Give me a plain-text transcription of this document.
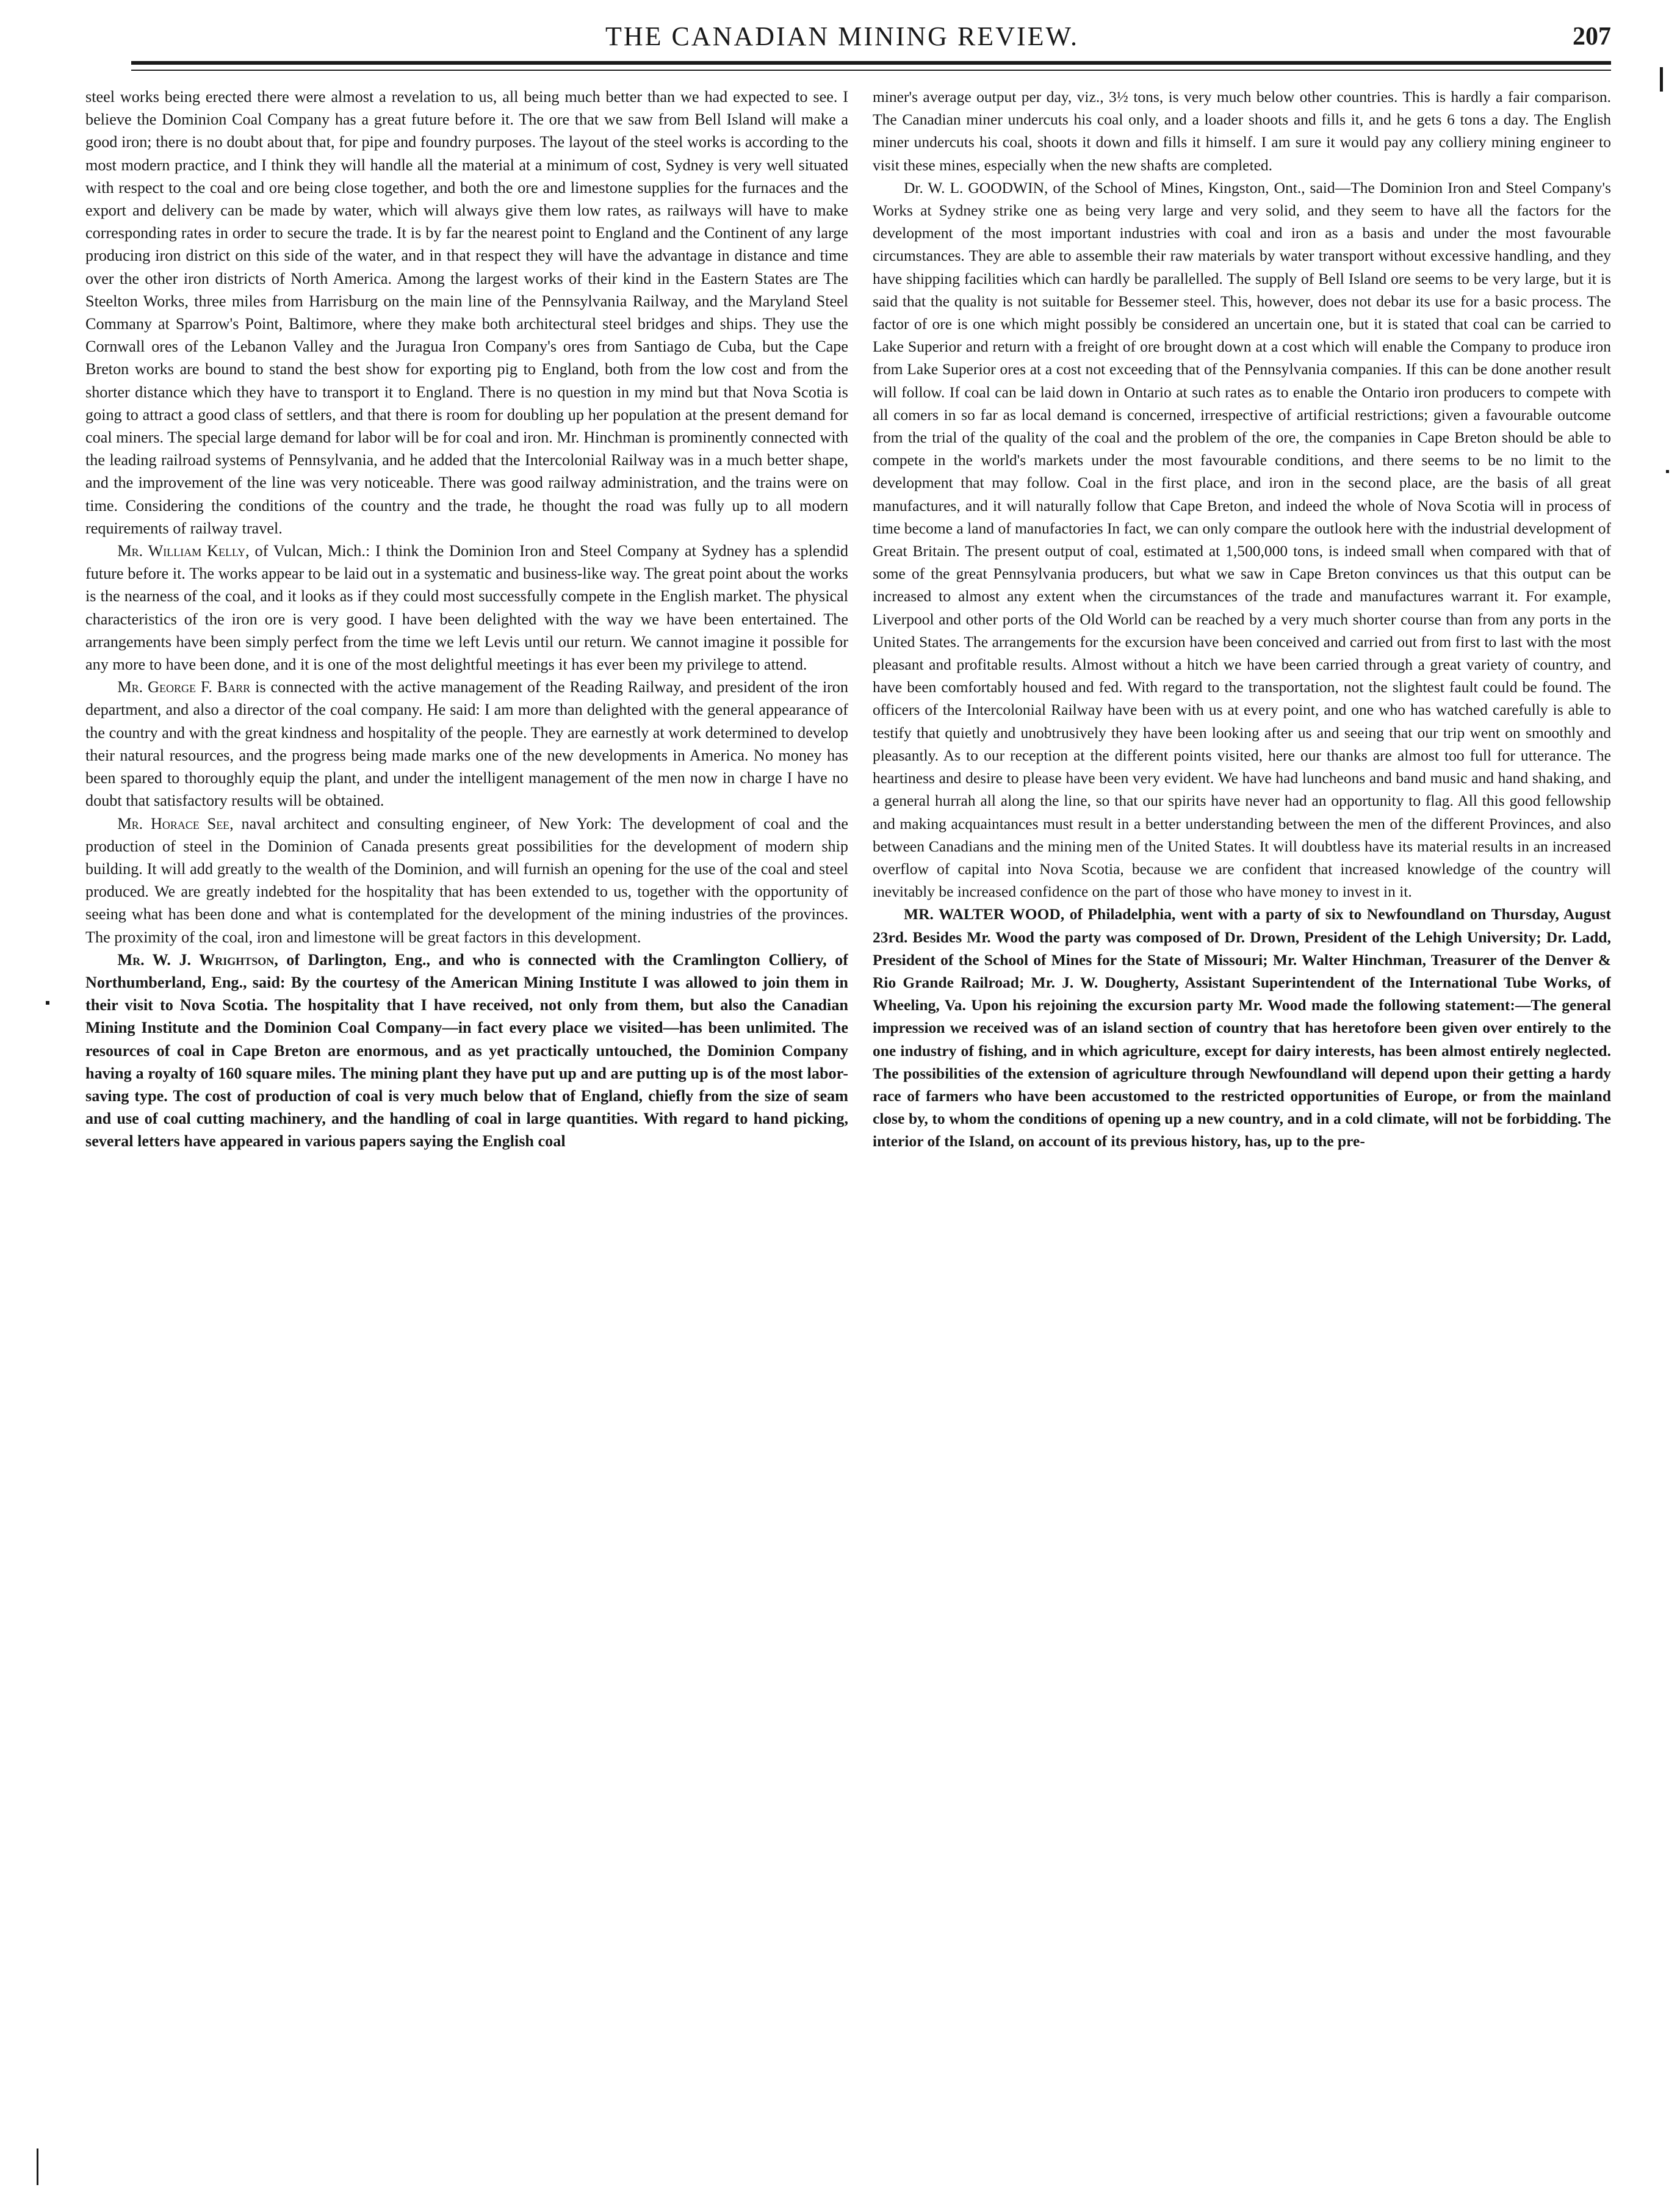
THE CANADIAN MINING REVIEW.	207

steel works being erected there were almost a revelation to us, all being much better than we had expected to see. I believe the Dominion Coal Company has a great future before it. The ore that we saw from Bell Island will make a good iron; there is no doubt about that, for pipe and foundry purposes. The layout of the steel works is according to the most modern practice, and I think they will handle all the material at a minimum of cost, Sydney is very well situated with respect to the coal and ore being close together, and both the ore and limestone supplies for the furnaces and the export and delivery can be made by water, which will always give them low rates, as railways will have to make corresponding rates in order to secure the trade. It is by far the nearest point to England and the Continent of any large producing iron district on this side of the water, and in that respect they will have the advantage in distance and time over the other iron districts of North America. Among the largest works of their kind in the Eastern States are The Steelton Works, three miles from Harrisburg on the main line of the Pennsylvania Railway, and the Maryland Steel Commany at Sparrow's Point, Baltimore, where they make both architectural steel bridges and ships. They use the Cornwall ores of the Lebanon Valley and the Juragua Iron Company's ores from Santiago de Cuba, but the Cape Breton works are bound to stand the best show for exporting pig to England, both from the low cost and from the shorter distance which they have to transport it to England. There is no question in my mind but that Nova Scotia is going to attract a good class of settlers, and that there is room for doubling up her population at the present demand for coal miners. The special large demand for labor will be for coal and iron. Mr. Hinchman is prominently connected with the leading railroad systems of Pennsylvania, and he added that the Intercolonial Railway was in a much better shape, and the improvement of the line was very noticeable. There was good railway administration, and the trains were on time. Considering the conditions of the country and the trade, he thought the road was fully up to all modern requirements of railway travel.

Mr. William Kelly, of Vulcan, Mich.: I think the Dominion Iron and Steel Company at Sydney has a splendid future before it. The works appear to be laid out in a systematic and business-like way. The great point about the works is the nearness of the coal, and it looks as if they could most successfully compete in the English market. The physical characteristics of the iron ore is very good. I have been delighted with the way we have been entertained. The arrangements have been simply perfect from the time we left Levis until our return. We cannot imagine it possible for any more to have been done, and it is one of the most delightful meetings it has ever been my privilege to attend.

Mr. George F. Barr is connected with the active management of the Reading Railway, and president of the iron department, and also a director of the coal company. He said: I am more than delighted with the general appearance of the country and with the great kindness and hospitality of the people. They are earnestly at work determined to develop their natural resources, and the progress being made marks one of the new developments in America. No money has been spared to thoroughly equip the plant, and under the intelligent management of the men now in charge I have no doubt that satisfactory results will be obtained.

Mr. Horace See, naval architect and consulting engineer, of New York: The development of coal and the production of steel in the Dominion of Canada presents great possibilities for the development of modern ship building. It will add greatly to the wealth of the Dominion, and will furnish an opening for the use of the coal and steel produced. We are greatly indebted for the hospitality that has been extended to us, together with the opportunity of seeing what has been done and what is contemplated for the development of the mining industries of the provinces. The proximity of the coal, iron and limestone will be great factors in this development.

Mr. W. J. Wrightson, of Darlington, Eng., and who is connected with the Cramlington Colliery, of Northumberland, Eng., said: By the courtesy of the American Mining Institute I was allowed to join them in their visit to Nova Scotia. The hospitality that I have received, not only from them, but also the Canadian Mining Institute and the Dominion Coal Company—in fact every place we visited—has been unlimited. The resources of coal in Cape Breton are enormous, and as yet practically untouched, the Dominion Company having a royalty of 160 square miles. The mining plant they have put up and are putting up is of the most labor-saving type. The cost of production of coal is very much below that of England, chiefly from the size of seam and use of coal cutting machinery, and the handling of coal in large quantities. With regard to hand picking, several letters have appeared in various papers saying the English coal

miner's average output per day, viz., 3½ tons, is very much below other countries. This is hardly a fair comparison. The Canadian miner undercuts his coal only, and a loader shoots and fills it, and he gets 6 tons a day. The English miner undercuts his coal, shoots it down and fills it himself. I am sure it would pay any colliery mining engineer to visit these mines, especially when the new shafts are completed.

Dr. W. L. GOODWIN, of the School of Mines, Kingston, Ont., said—The Dominion Iron and Steel Company's Works at Sydney strike one as being very large and very solid, and they seem to have all the factors for the development of the most important industries with coal and iron as a basis and under the most favourable circumstances. They are able to assemble their raw materials by water transport without excessive handling, and they have shipping facilities which can hardly be parallelled. The supply of Bell Island ore seems to be very large, but it is said that the quality is not suitable for Bessemer steel. This, however, does not debar its use for a basic process. The factor of ore is one which might possibly be considered an uncertain one, but it is stated that coal can be carried to Lake Superior and return with a freight of ore brought down at a cost which will enable the Company to produce iron from Lake Superior ores at a cost not exceeding that of the Pennsylvania companies. If this can be done another result will follow. If coal can be laid down in Ontario at such rates as to enable the Ontario iron producers to compete with all comers in so far as local demand is concerned, irrespective of artificial restrictions; given a favourable outcome from the trial of the quality of the coal and the problem of the ore, the companies in Cape Breton should be able to compete in the world's markets under the most favourable conditions, and there seems to be no limit to the development that may follow. Coal in the first place, and iron in the second place, are the basis of all great manufactures, and it will naturally follow that Cape Breton, and indeed the whole of Nova Scotia will in process of time become a land of manufactories In fact, we can only compare the outlook here with the industrial development of Great Britain. The present output of coal, estimated at 1,500,000 tons, is indeed small when compared with that of some of the great Pennsylvania producers, but what we saw in Cape Breton convinces us that this output can be increased to almost any extent when the circumstances of the trade and manufactures warrant it. For example, Liverpool and other ports of the Old World can be reached by a very much shorter course than from any ports in the United States. The arrangements for the excursion have been conceived and carried out from first to last with the most pleasant and profitable results. Almost without a hitch we have been carried through a great variety of country, and have been comfortably housed and fed. With regard to the transportation, not the slightest fault could be found. The officers of the Intercolonial Railway have been with us at every point, and one who has watched carefully is able to testify that quietly and unobtrusively they have been looking after us and seeing that our trip went on smoothly and pleasantly. As to our reception at the different points visited, here our thanks are almost too full for utterance. The heartiness and desire to please have been very evident. We have had luncheons and band music and hand shaking, and a general hurrah all along the line, so that our spirits have never had an opportunity to flag. All this good fellowship and making acquaintances must result in a better understanding between the men of the different Provinces, and also between Canadians and the mining men of the United States. It will doubtless have its material results in an increased overflow of capital into Nova Scotia, because we are confident that increased knowledge of the country will inevitably be increased confidence on the part of those who have money to invest in it.

MR. WALTER WOOD, of Philadelphia, went with a party of six to Newfoundland on Thursday, August 23rd. Besides Mr. Wood the party was composed of Dr. Drown, President of the Lehigh University; Dr. Ladd, President of the School of Mines for the State of Missouri; Mr. Walter Hinchman, Treasurer of the Denver & Rio Grande Railroad; Mr. J. W. Dougherty, Assistant Superintendent of the International Tube Works, of Wheeling, Va. Upon his rejoining the excursion party Mr. Wood made the following statement:—The general impression we received was of an island section of country that has heretofore been given over entirely to the one industry of fishing, and in which agriculture, except for dairy interests, has been almost entirely neglected. The possibilities of the extension of agriculture through Newfoundland will depend upon their getting a hardy race of farmers who have been accustomed to the restricted opportunities of Europe, or from the mainland close by, to whom the conditions of opening up a new country, and in a cold climate, will not be forbidding. The interior of the Island, on account of its previous history, has, up to the pre-
